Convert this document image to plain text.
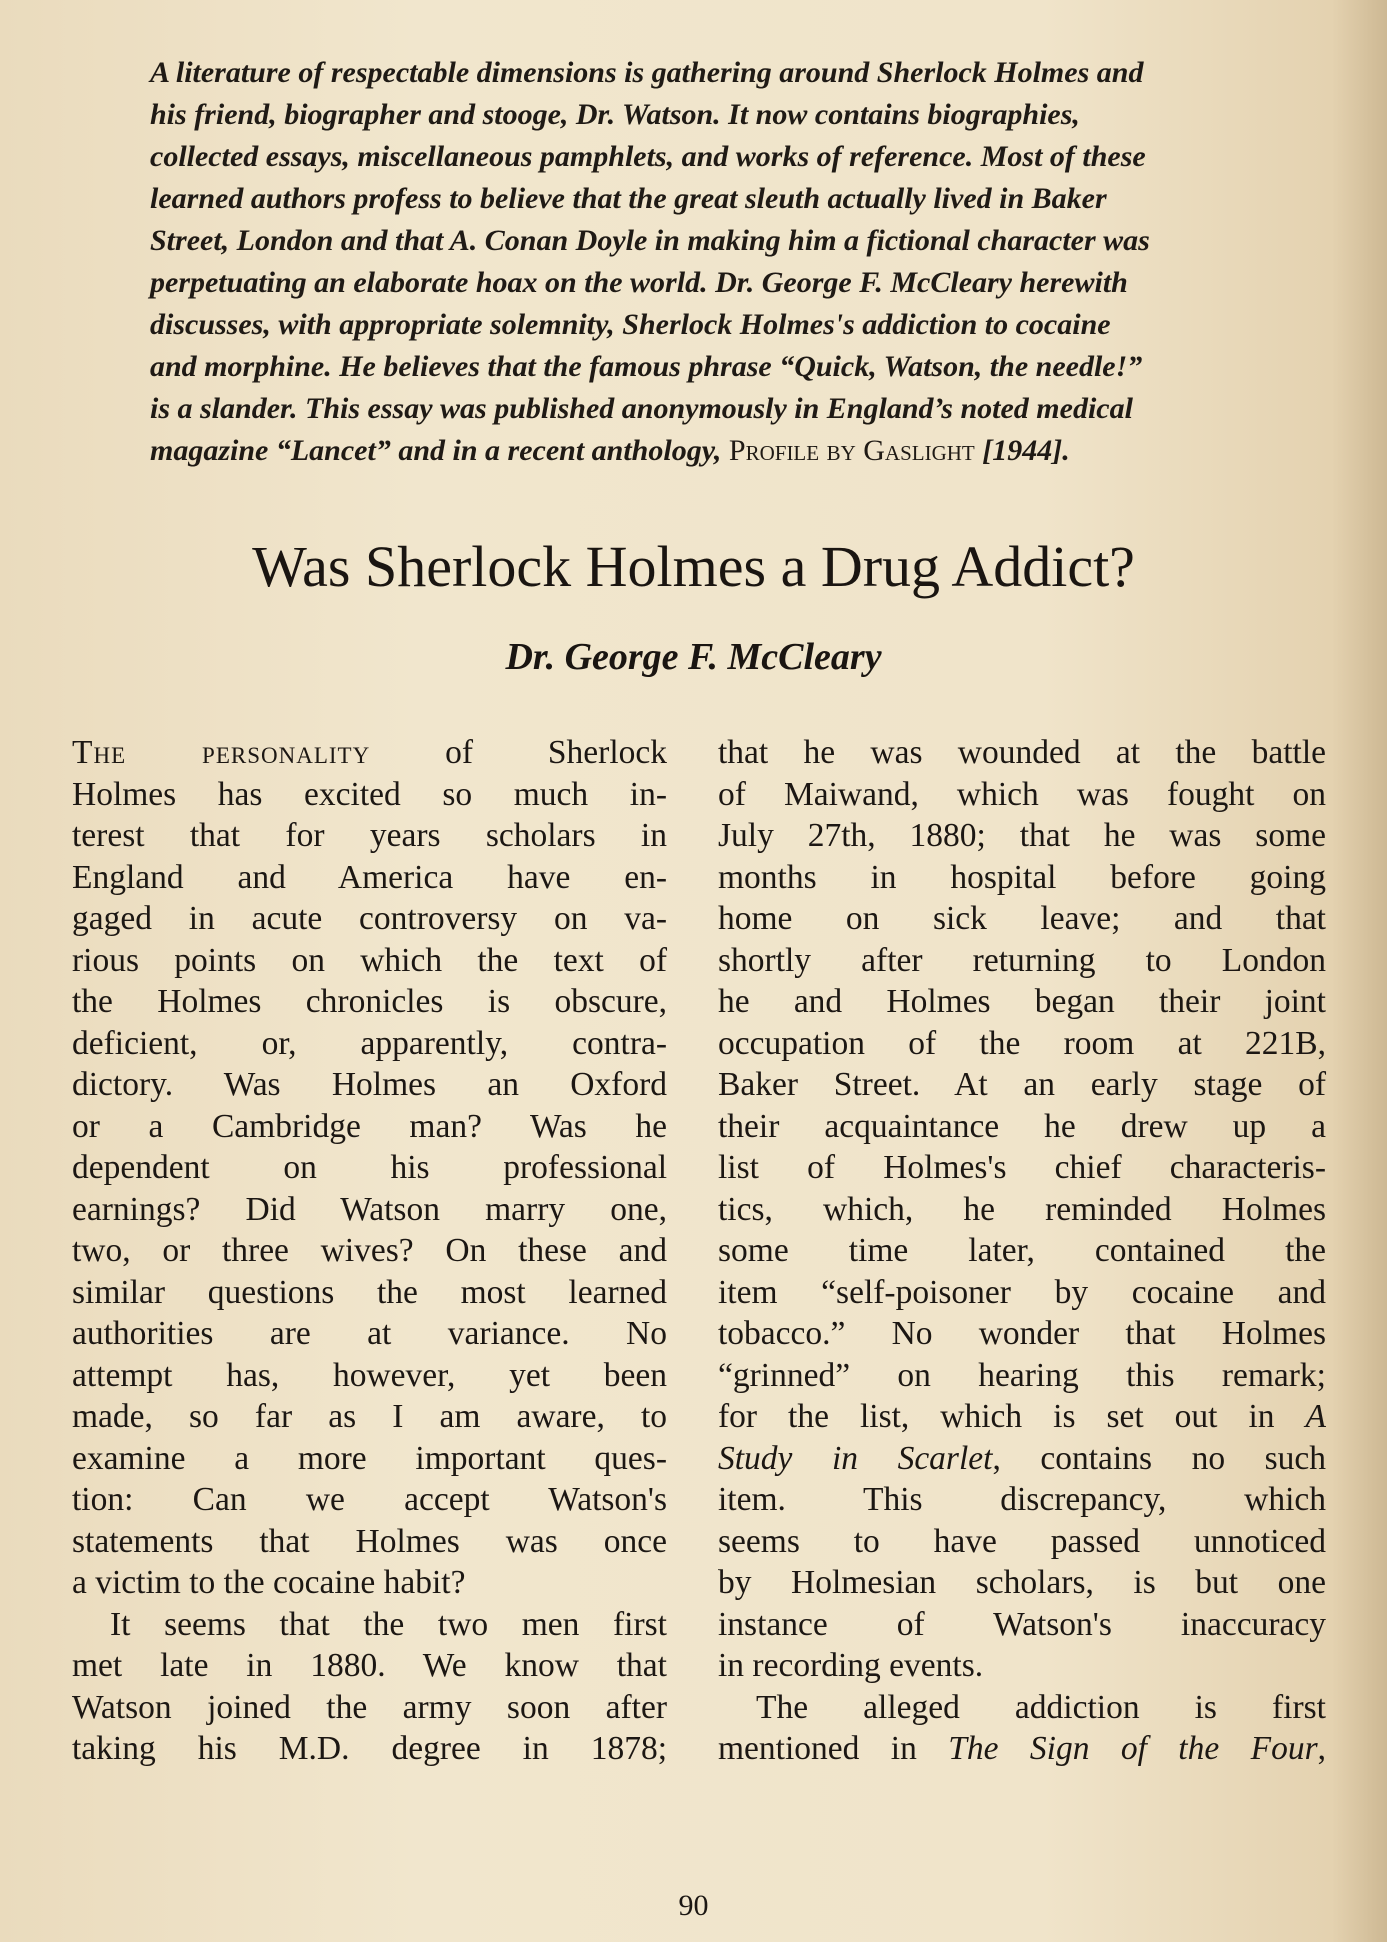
A literature of respectable dimensions is gathering around Sherlock Holmes and
his friend, biographer and stooge, Dr. Watson. It now contains biographies,
collected essays, miscellaneous pamphlets, and works of reference. Most of these
learned authors profess to believe that the great sleuth actually lived in Baker
Street, London and that A. Conan Doyle in making him a fictional character was
perpetuating an elaborate hoax on the world. Dr. George F. McCleary herewith
discusses, with appropriate solemnity, Sherlock Holmes's addiction to cocaine
and morphine. He believes that the famous phrase “Quick, Watson, the needle!”
is a slander. This essay was published anonymously in England’s noted medical
magazine “Lancet” and in a recent anthology, Profile by Gaslight [1944].
Was Sherlock Holmes a Drug Addict?
Dr. George F. McCleary
The personality of Sherlock
Holmes has excited so much in-
terest that for years scholars in
England and America have en-
gaged in acute controversy on va-
rious points on which the text of
the Holmes chronicles is obscure,
deficient, or, apparently, contra-
dictory. Was Holmes an Oxford
or a Cambridge man? Was he
dependent on his professional
earnings? Did Watson marry one,
two, or three wives? On these and
similar questions the most learned
authorities are at variance. No
attempt has, however, yet been
made, so far as I am aware, to
examine a more important ques-
tion: Can we accept Watson's
statements that Holmes was once
a victim to the cocaine habit?
It seems that the two men first
met late in 1880. We know that
Watson joined the army soon after
taking his M.D. degree in 1878;
that he was wounded at the battle
of Maiwand, which was fought on
July 27th, 1880; that he was some
months in hospital before going
home on sick leave; and that
shortly after returning to London
he and Holmes began their joint
occupation of the room at 221B,
Baker Street. At an early stage of
their acquaintance he drew up a
list of Holmes's chief characteris-
tics, which, he reminded Holmes
some time later, contained the
item “self-poisoner by cocaine and
tobacco.” No wonder that Holmes
“grinned” on hearing this remark;
for the list, which is set out in A
Study in Scarlet, contains no such
item. This discrepancy, which
seems to have passed unnoticed
by Holmesian scholars, is but one
instance of Watson's inaccuracy
in recording events.
The alleged addiction is first
mentioned in The Sign of the Four,
90
